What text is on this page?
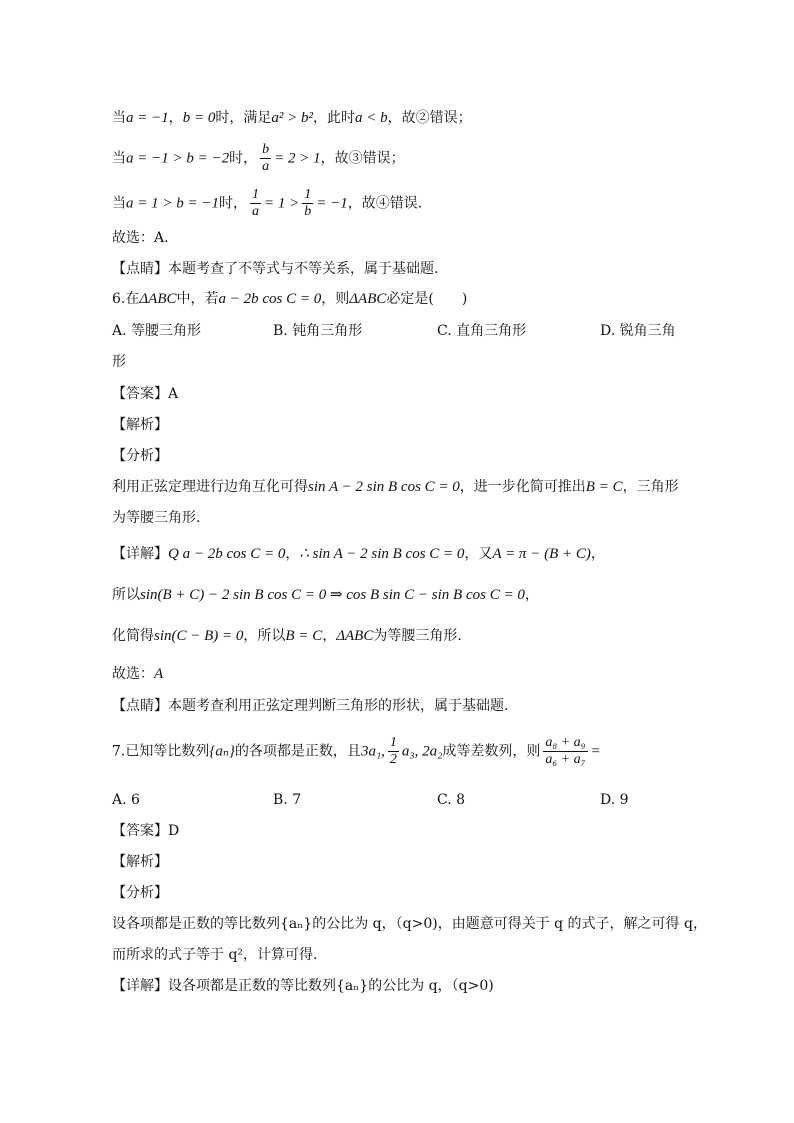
当a = −1，b = 0时，满足a² > b²，此时a < b，故②错误；
当a = −1 > b = −2时， $\frac{b}{a} = 2 > 1$，故③错误；
当a = 1 > b = −1时， $\frac{1}{a} = 1 > \frac{1}{b} = -1$，故④错误.
故选：A.
【点睛】本题考查了不等式与不等关系，属于基础题.
6.在ΔABC中，若a − 2b cos C = 0，则ΔABC必定是(　　)
A. 等腰三角形	B. 钝角三角形	C. 直角三角形	D. 锐角三角
形
【答案】A
【解析】
【分析】
利用正弦定理进行边角互化可得sin A − 2 sin B cos C = 0，进一步化简可推出B = C，三角形
为等腰三角形.
【详解】Q a − 2b cos C = 0，∴ sin A − 2 sin B cos C = 0，又A = π − (B + C)，
所以sin(B + C) − 2 sin B cos C = 0 ⇒ cos B sin C − sin B cos C = 0，
化简得sin(C − B) = 0，所以B = C，ΔABC为等腰三角形.
故选：A
【点睛】本题考查利用正弦定理判断三角形的形状，属于基础题.
7.已知等比数列{aₙ}的各项都是正数，且3a₁, $\frac{1}{2} a_3$, 2a₂成等差数列，则 $\frac{\text{a₈ + a₉}}{\text{a₆ + a₇}}$ =
A. 6	B. 7	C. 8	D. 9
【答案】D
【解析】
【分析】
设各项都是正数的等比数列{aₙ}的公比为 q，（q>0)，由题意可得关于 q 的式子，解之可得 q，
而所求的式子等于 q²，计算可得.
【详解】设各项都是正数的等比数列{aₙ}的公比为 q，（q>0)
